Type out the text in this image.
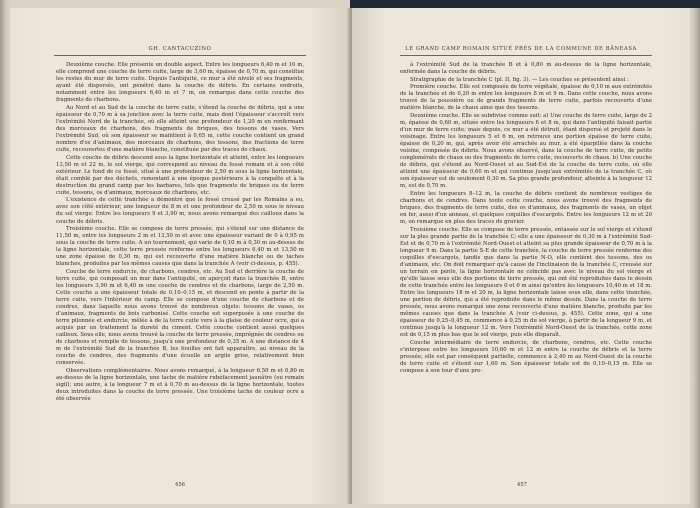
GH. CANTACUZINO

Deuxième couche. Elle présente un double aspect. Entre les longueurs 6,40 m et 10 m, elle comprend une couche de terre cuite, large de 3,60 m, épaisse de 0,70 m, qui constitue les restes du mur de terre cuite. Depuis l'antiquité, ce mur a été nivelé et ses fragments, ayant été dispersés, ont pénétré dans la couche de débris. En certains endroits, notamment entre les longueurs 6,40 m et 7 m, on remarque dans cette couche des fragments de charbons.

Au Nord et au Sud de la couche de terre cuite, s'étend la couche de débris, qui a une épaisseur de 0,70 m à sa jonction avec la terre cuite, mais dont l'épaisseur s'accroît vers l'extrémité Nord de la tranchée, où elle atteint une profondeur de 1,20 m en renfermant des morceaux de charbons, des fragments de briques, des tessons de vases. Vers l'extrémité Sud, où son épaisseur se maintient à 0,65 m, cette couche contient un grand nombre d'os d'animaux, des morceaux de charbons, des tessons, des fractions de terre cuite, recouvertes d'une matière blanche, constituée par des traces de chaux.

Cette couche de débris descend sous la ligne horizontale et atteint, entre les longueurs 13,50 m et 22 m, le sol vierge, qui correspond au niveau du fossé romain et à son côté extérieur. Le fond de ce fossé, situé à une profondeur de 2,50 m sous la ligne horizontale, était comblé par des déchets, remontant à une époque postérieure à la conquête et à la destruction du grand camp par les barbares, tels que fragments de briques ou de terre cuite, tessons, os d'animaux, morceaux de charbons, etc.

L'existence de cette tranchée a démontré que le fossé creusé par les Romains a eu, avec son côté extérieur, une longueur de 8 m et une profondeur de 2,50 m sous le niveau du sol vierge. Entre les longueurs 9 et 3,90 m, nous avons remarqué des cailloux dans la couche de débris.

Troisième couche. Elle se compose de terre pressée, qui s'étend sur une distance de 11,50 m, entre les longueurs 2 m et 13,50 m et avec une épaisseur variant de 0 à 0,95 m sous la couche de terre cuite. A un tournement, qui varie de 0,10 m à 0,30 m au-dessus de la ligne horizontale, cette terre pressée renferme entre les longueurs 6,40 m et 13,50 m une zone épaisse de 0,30 m, qui est recouverte d'une matière blanche ou de taches blanches, produites par les mêmes causes que dans la tranchée A (voir ci-dessus, p. 455).

Couche de terre endurcie, de charbons, cendres, etc. Au Sud et derrière la couche de terre cuite, qui composait un mur dans l'antiquité, on aperçoit dans la tranchée B, entre les longueurs 3,90 m et 6,40 m une couche de cendres et de charbons, large de 2,50 m. Cette couche a une épaisseur totale de 0,10–0,15 m, et descend en pente à partir de la terre cuite, vers l'intérieur du camp. Elle se compose d'une couche de charbons et de cendres, dans laquelle nous avons trouvé de nombreux objets: tessons de vases, os d'animaux, fragments de bois carbonisé. Cette couche est superposée à une couche de terre pilonnée et endurcie, mêlée à de la terre cuite vers à la glaise de couleur ocre, qui a acquis par un traitement la dureté du ciment. Cette couche contient aussi quelques cailloux. Sous elle, nous avons trouvé la couche de terre pressée, imprégnée de cendres ou de charbons et remplie de tessons, jusqu'à une profondeur de 0,35 m. A une distance de 4 m de l'extrémité Sud de la tranchée B, les fouilles ont fait apparaître, au niveau de la couche de cendres, des fragments d'une écuelle en argile grise, relativement bien conservée.

Observations complémentaires. Nous avons remarqué, à la longueur 6,50 m et 0,80 m au-dessus de la ligne horizontale, une tache de matière rubéfacement jaunâtre (ou romain sigil); une autre, à la longueur 7 m et à 0,70 m au-dessus de la ligne horizontale, toutes deux introduites dans la couche de terre pressée. Une troisième tache de couleur ocre a été observée

456
LE GRAND CAMP ROMAIN SITUÉ PRÈS DE LA COMMUNE DE BĂNEASA

à l'extrémité Sud de la tranchée B et à 0,80 m au-dessus de la ligne horizontale, enfermée dans la couche de débris.

Stratigraphie de la tranchée C (pl. II, fig. 3). — Les couches se présentent ainsi :

Première couche. Elle est composée de terre végétale, épaisse de 0,10 m aux extrémités de la tranchée et de 0,20 m entre les longueurs 8 m et 9 m. Dans cette couche, nous avons trouvé de la poussière ou de grands fragments de terre cuite, parfois recouverts d'une matière blanche, de la chaux ainsi que des tessons.

Deuxième couche. Elle se subdivise comme suit: a) Une couche de terre cuite, large de 2 m, épaisse de 0,60 m, située entre les longueurs 6 et 8 m, qui dans l'antiquité faisait partie d'un mur de terre cuite; mais depuis, ce mur a été détruit, étant dispersé et projeté dans le voisinage. Entre les longueurs 5 et 6 m, on retrouve une portion épaisse de terre cuite, épaisse de 0,20 m, qui, après avoir été arrachée au mur, a été éparpillée dans la couche voisine, composée de débris. Nous avons observé, dans la couche de terre cuite, de petits conglomérats de chaux ou des fragments de terre cuite, recouverts de chaux. b) Une couche de débris, qui s'étend au Nord-Ouest et au Sud-Est de la couche de terre cuite, où elle atteint une épaisseur de 0,60 m et qui continue jusqu'aux extrémités de la tranchée C, où son épaisseur est de seulement 0,30 m. Sa plus grande profondeur, atteinte à la longueur 12 m, est de 0,70 m.

Entre les longueurs 8–12 m, la couche de débris contient de nombreux vestiges de charbons et de cendres. Dans toute cette couche, nous avons trouvé des fragments de briques, des fragments de terre cuite, des os d'animaux, des fragments de vases, un objet en fer, aussi d'un anneau, et quelques coquilles d'escargots. Entre les longueurs 12 m et 20 m, on remarque en plus des traces de gravier.

Troisième couche. Elle se compose de terre pressée, entassée sur le sol vierge et s'étend sur la plus grande partie de la tranchée C; elle a une épaisseur de 0,30 m à l'extrémité Sud-Est et de 0,70 m à l'extrémité Nord-Ouest et atteint sa plus grande épaisseur de 0,70 m à la longueur 9 m. Dans la partie S-E de cette tranchée, la couche de terre pressée renferme des coquilles d'escargots, tandis que dans la partie N-O, elle contient des tessons, des os d'animaux, etc. On doit remarquer qu'à cause de l'inclinaison de la tranchée C, creusée sur un terrain en pente, la ligne horizontale ne coïncide pas avec le niveau du sol vierge et qu'elle laisse sous elle des portions de terre pressée, qui ont été reproduites dans le dessin de cette tranchée entre les longueurs 0 et 6 m ainsi qu'entre les longueurs 10,40 m et 18 m. Entre les longueurs 18 m et 20 m, la ligne horizontale laisse sous elle, dans cette tranchée, une portion de débris, qui a été reproduite dans le même dessin. Dans la couche de terre pressée, nous avons remarqué une zone recouverte d'une matière blanche, produite par les mêmes causes que dans la tranchée A (voir ci-dessus, p. 455). Cette zone, qui a une épaisseur de 0,25–0,45 m, commence à 0,25 m du sol vierge, à partir de la longueur 9 m, et continue jusqu'à la longueur 12 m. Vers l'extrémité Nord-Ouest de la tranchée, cette zone est de 0,15 m plus bas que le sol vierge, puis elle disparaît.

Couche intermédiaire de terre endurcie, de charbons, cendres, etc. Cette couche s'interpose entre les longueurs 10,60 m et 12 m entre la couche de débris et la terre pressée; elle est par conséquent partielle, commence à 2,40 m au Nord-Ouest de la couche de terre cuite et s'étend sur 1,60 m. Son épaisseur totale est de 0,10–0,15 m. Elle se compose à son tour d'une pre-

457
